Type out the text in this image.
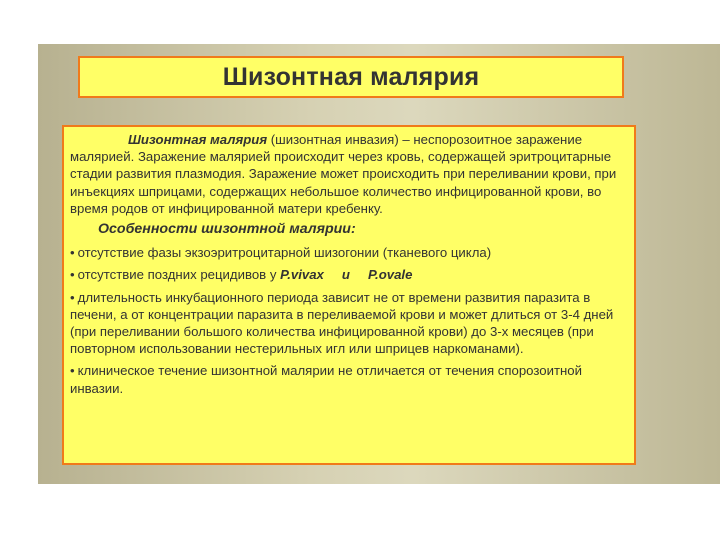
Шизонтная малярия

Шизонтная малярия (шизонтная инвазия) – неспорозоитное заражение малярией. Заражение малярией происходит через кровь, содержащей эритроцитарные стадии развития плазмодия. Заражение может происходить при переливании крови, при инъекциях шприцами, содержащих небольшое количество инфицированной крови, во время родов от инфицированной матери кребенку.

Особенности шизонтной малярии:

• отсутствие фазы экзоэритроцитарной шизогонии (тканевого цикла)

• отсутствие поздних рецидивов у P.vivax и P.ovale

• длительность инкубационного периода зависит не от времени развития паразита в печени, а от концентрации паразита в переливаемой крови и может длиться от 3-4 дней (при переливании большого количества инфицированной крови) до 3-х месяцев (при повторном использовании нестерильных игл или шприцев наркоманами).

• клиническое течение шизонтной малярии не отличается от течения спорозоитной инвазии.
